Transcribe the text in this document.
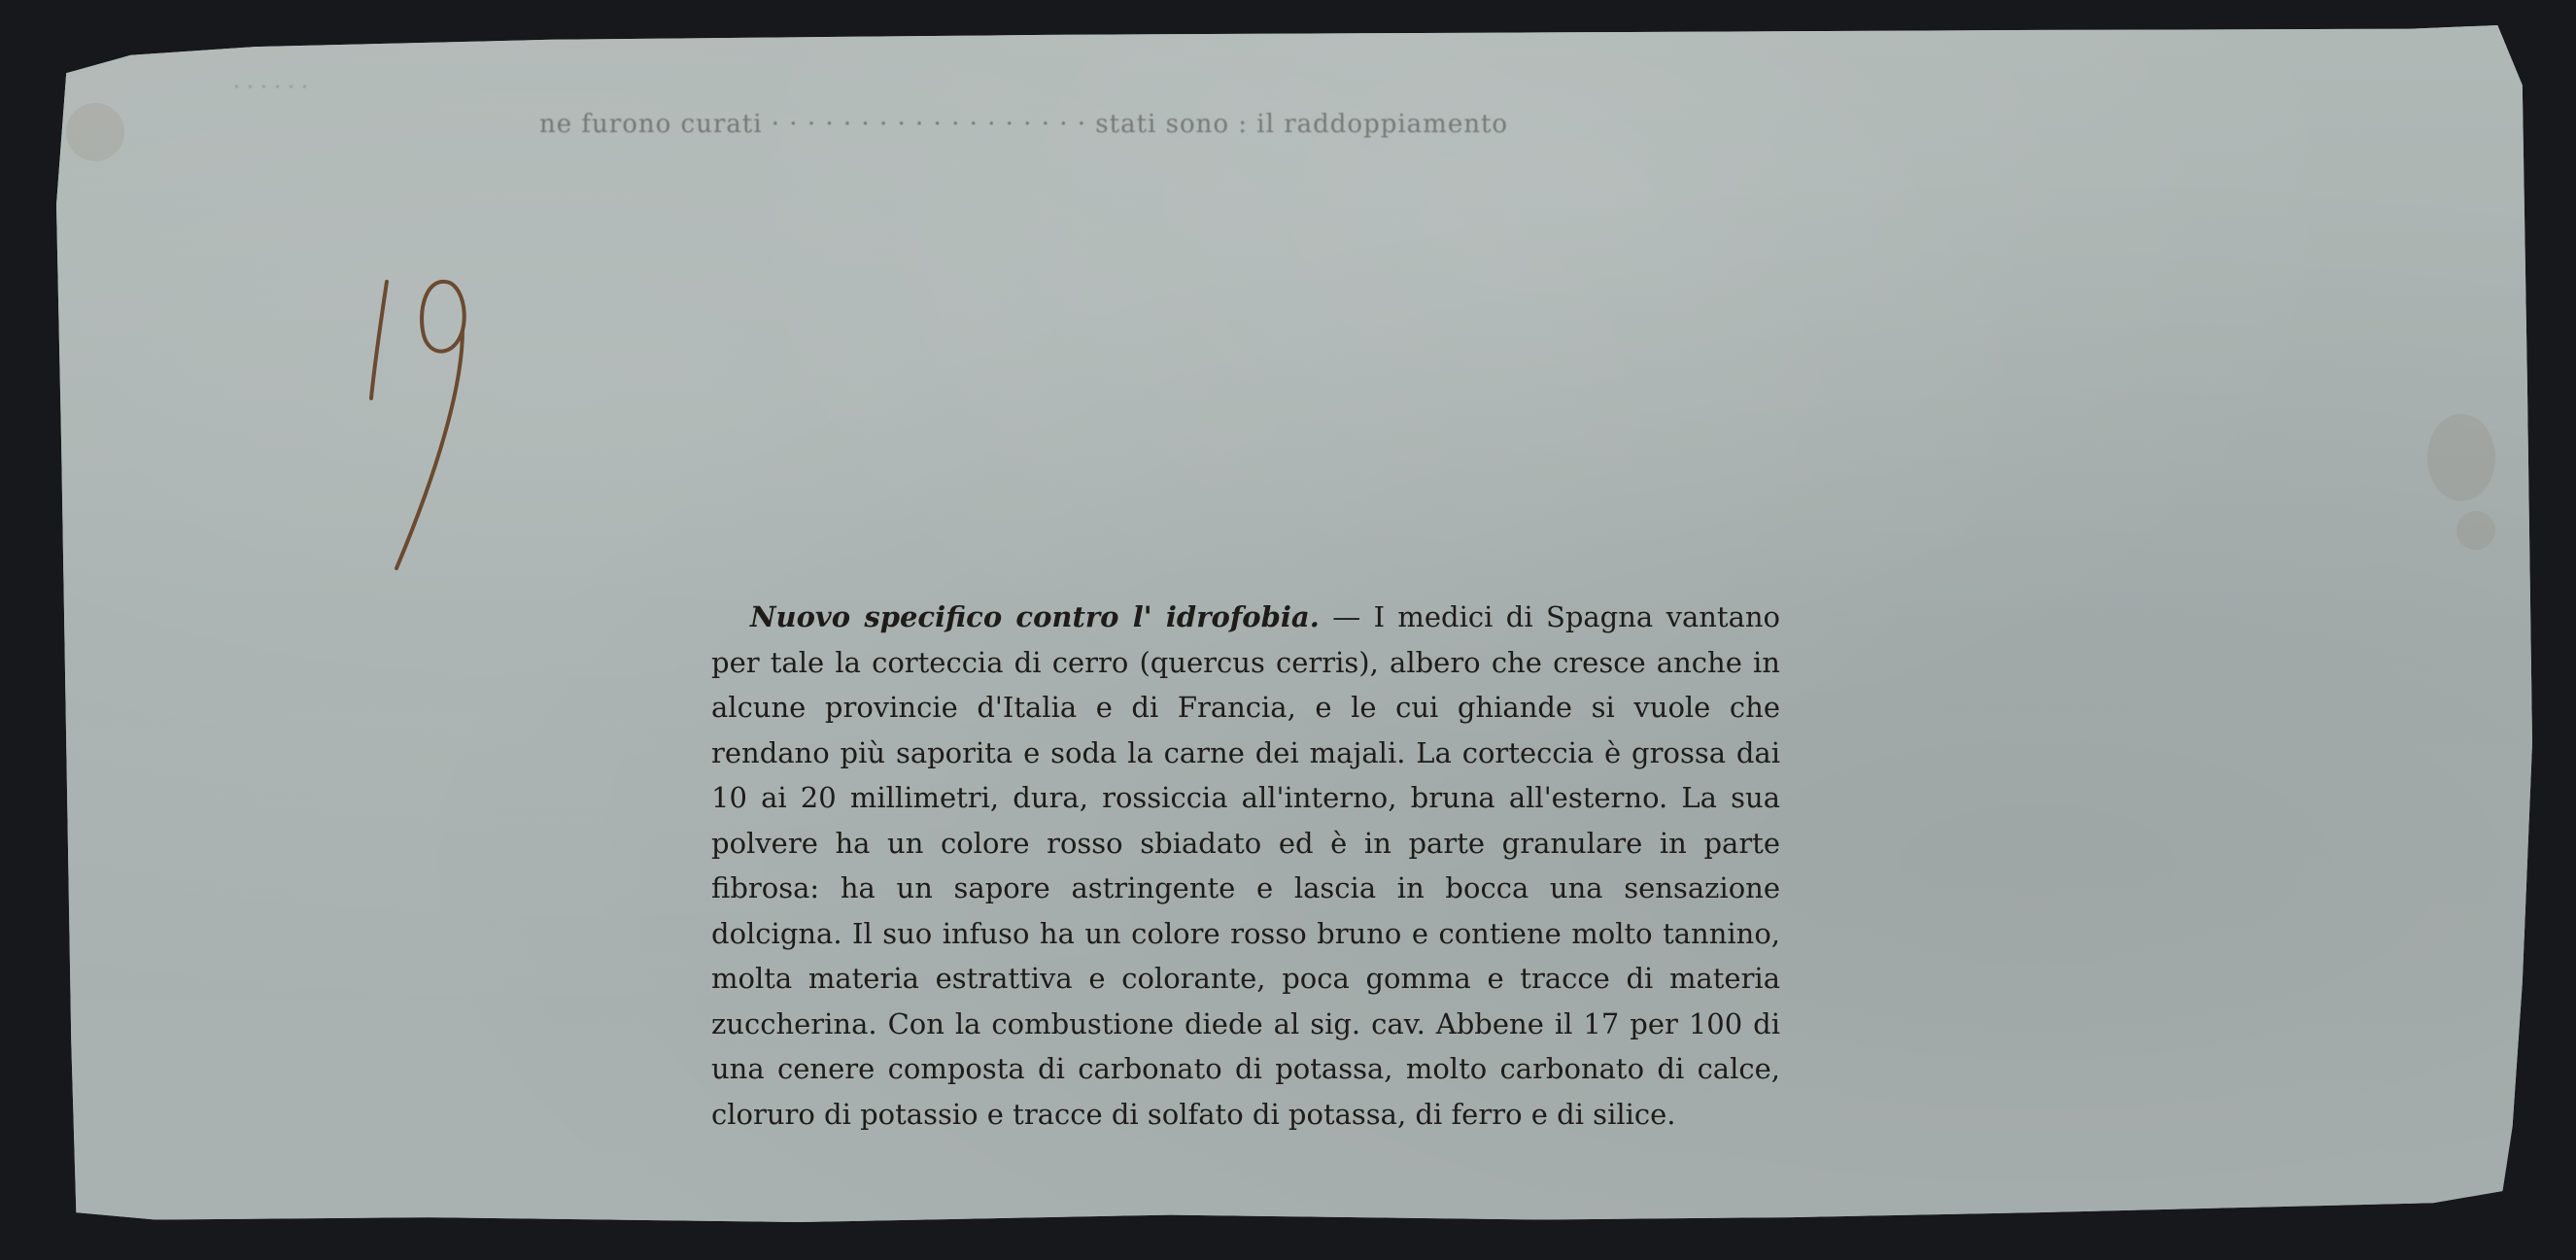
· · · · · ·
ne furono curati · · · · · · · · · · · · · · · · · · stati sono : il raddoppiamento

Nuovo specifico contro l' idrofobia. — I medici di Spagna vantano per tale la corteccia di cerro (quercus cerris), albero che cresce anche in alcune provincie d'Italia e di Francia, e le cui ghiande si vuole che rendano più saporita e soda la carne dei majali. La corteccia è grossa dai 10 ai 20 millimetri, dura, rossiccia all'interno, bruna all'esterno. La sua polvere ha un colore rosso sbiadato ed è in parte granulare in parte fibrosa: ha un sapore astringente e lascia in bocca una sensazione dolcigna. Il suo infuso ha un colore rosso bruno e contiene molto tannino, molta materia estrattiva e colorante, poca gomma e tracce di materia zuccherina. Con la combustione diede al sig. cav. Abbene il 17 per 100 di una cenere composta di carbonato di potassa, molto carbonato di calce, cloruro di potassio e tracce di solfato di potassa, di ferro e di silice.
